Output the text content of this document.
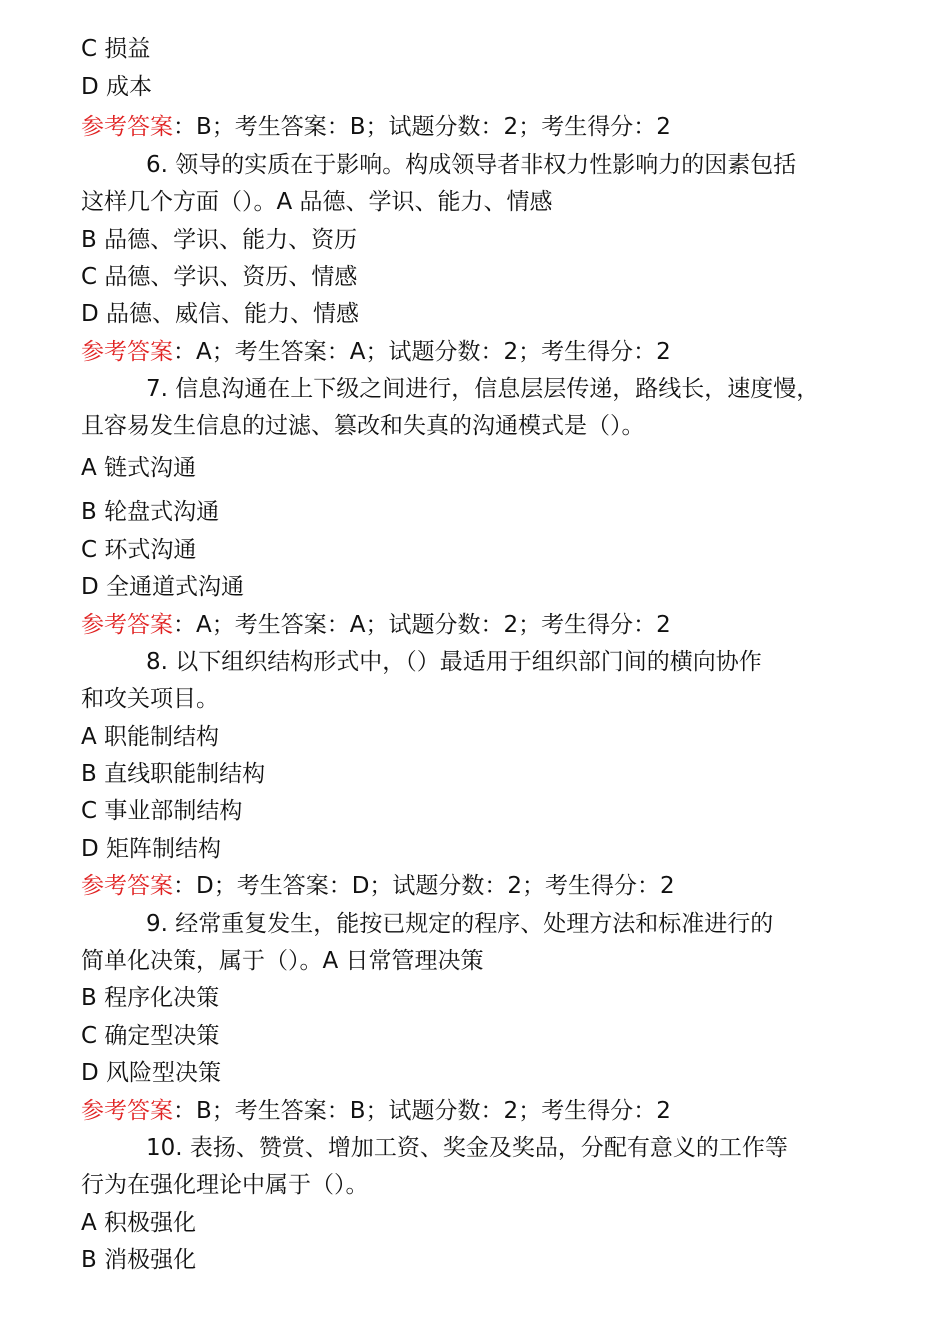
C 损益

D 成本

参考答案：B；考生答案：B；试题分数：2；考生得分：2

6. 领导的实质在于影响。构成领导者非权力性影响力的因素包括

这样几个方面（）。A 品德、学识、能力、情感

B 品德、学识、能力、资历

C 品德、学识、资历、情感

D 品德、威信、能力、情感

参考答案：A；考生答案：A；试题分数：2；考生得分：2

7. 信息沟通在上下级之间进行，信息层层传递，路线长，速度慢，

且容易发生信息的过滤、篡改和失真的沟通模式是（）。

A 链式沟通

B 轮盘式沟通

C 环式沟通

D 全通道式沟通

参考答案：A；考生答案：A；试题分数：2；考生得分：2

8. 以下组织结构形式中，（）最适用于组织部门间的横向协作

和攻关项目。

A 职能制结构

B 直线职能制结构

C 事业部制结构

D 矩阵制结构

参考答案：D；考生答案：D；试题分数：2；考生得分：2

9. 经常重复发生，能按已规定的程序、处理方法和标准进行的

简单化决策，属于（）。A 日常管理决策

B 程序化决策

C 确定型决策

D 风险型决策

参考答案：B；考生答案：B；试题分数：2；考生得分：2

10. 表扬、赞赏、增加工资、奖金及奖品，分配有意义的工作等

行为在强化理论中属于（）。

A 积极强化

B 消极强化
